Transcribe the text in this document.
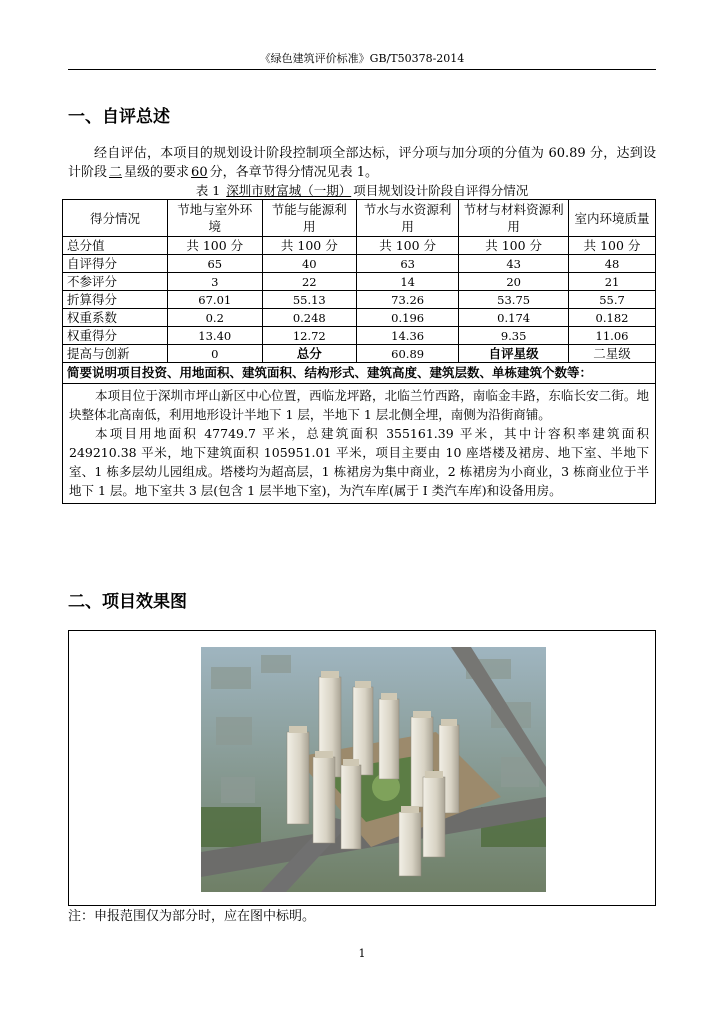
《绿色建筑评价标准》GB/T50378-2014
一、自评总述
经自评估，本项目的规划设计阶段控制项全部达标，评分项与加分项的分值为 60.89 分，达到设计阶段 二 星级的要求 60 分，各章节得分情况见表 1。
表 1 深圳市财富城（一期） 项目规划设计阶段自评得分情况
得分情况	节地与室外环境	节能与能源利用	节水与水资源利用	节材与材料资源利用	室内环境质量
总分值	共 100 分	共 100 分	共 100 分	共 100 分	共 100 分
自评得分	65	40	63	43	48
不参评分	3	22	14	20	21
折算得分	67.01	55.13	73.26	53.75	55.7
权重系数	0.2	0.248	0.196	0.174	0.182
权重得分	13.40	12.72	14.36	9.35	11.06
提高与创新	0	总分	60.89	自评星级	二星级
简要说明项目投资、用地面积、建筑面积、结构形式、建筑高度、建筑层数、单栋建筑个数等：					

本项目位于深圳市坪山新区中心位置，西临龙坪路，北临兰竹西路，南临金丰路，东临长安二街。地块整体北高南低，利用地形设计半地下 1 层，半地下 1 层北侧全埋，南侧为沿街商铺。

本项目用地面积 47749.7 平米，总建筑面积 355161.39 平米，其中计容积率建筑面积 249210.38 平米，地下建筑面积 105951.01 平米，项目主要由 10 座塔楼及裙房、地下室、半地下室、1 栋多层幼儿园组成。塔楼均为超高层，1 栋裙房为集中商业，2 栋裙房为小商业，3 栋商业位于半地下 1 层。地下室共 3 层(包含 1 层半地下室)，为汽车库(属于 I 类汽车库)和设备用房。					

二、项目效果图
注：申报范围仅为部分时，应在图中标明。
1
